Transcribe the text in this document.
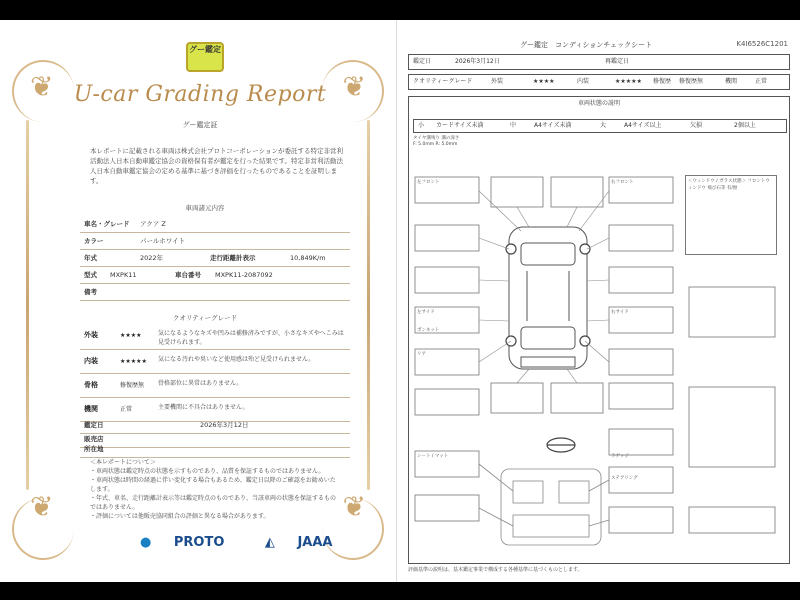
❦	❦
❦	❦
グー鑑定
U-car Grading Report
グー鑑定証
本レポートに記載される車両は株式会社プロトコーポレーションが委託する特定非営利活動法人日本自動車鑑定協会の資格保有者が鑑定を行った結果です。特定非営利活動法人日本自動車鑑定協会の定める基準に基づき評価を行ったものであることを証明します。
車両諸元内容
車名・グレード アクア Z
カラー	パールホワイト
年式	2022年	走行距離計表示	10,849K/m
型式 MXPK11	車台番号 MXPK11-2087092
備考
クオリティーグレード
外装	★★★★	気になるようなキズや凹みは補修済みですが、小さなキズやへこみは見受けられます。
内装	★★★★★ 気になる汚れや臭いなど使用感は殆ど見受けられません。
骨格	修復歴無 骨格部位に異常はありません。
機関	正常	主要機関に不具合はありません。
鑑定日	2026年3月12日
販売店
所在地
＜本レポートについて＞
・車両状態は鑑定時点の状態を示すものであり、品質を保証するものではありません。
・車両状態は時間の経過に伴い変化する場合もあるため、鑑定日以降のご確認をお勧めいたします。
・年式、車名、走行距離計表示等は鑑定時点のものであり、当該車両の状態を保証するものではありません。
・評価については他販売協同組合の評価と異なる場合があります。
● PROTO	◭ JAAA
グー鑑定　コンディションチェックシート	K4I6526C1201
鑑定日	2026年3月12日	再鑑定日
クオリティーグレード	外装	★★★★	内装	★★★★★ 修復歴 修復歴無	機関	正常
車両状態の説明
小 カードサイズ未満	中	A4サイズ未満	大	A4サイズ以上	欠損	2個以上
タイヤ溝残り 溝の深さ
F: 5.0mm R: 5.0mm
＜ウィンドウ / ガラス状態＞ フロントウィンドウ 飛び石等 有/無
左フロント	右フロント
左サイド	右サイド
ボンネット
リア
シート / マット	ラゲッジ
ステアリング
評価基準の説明は、基本鑑定事業で構成する各種基準に基づくものとします。
